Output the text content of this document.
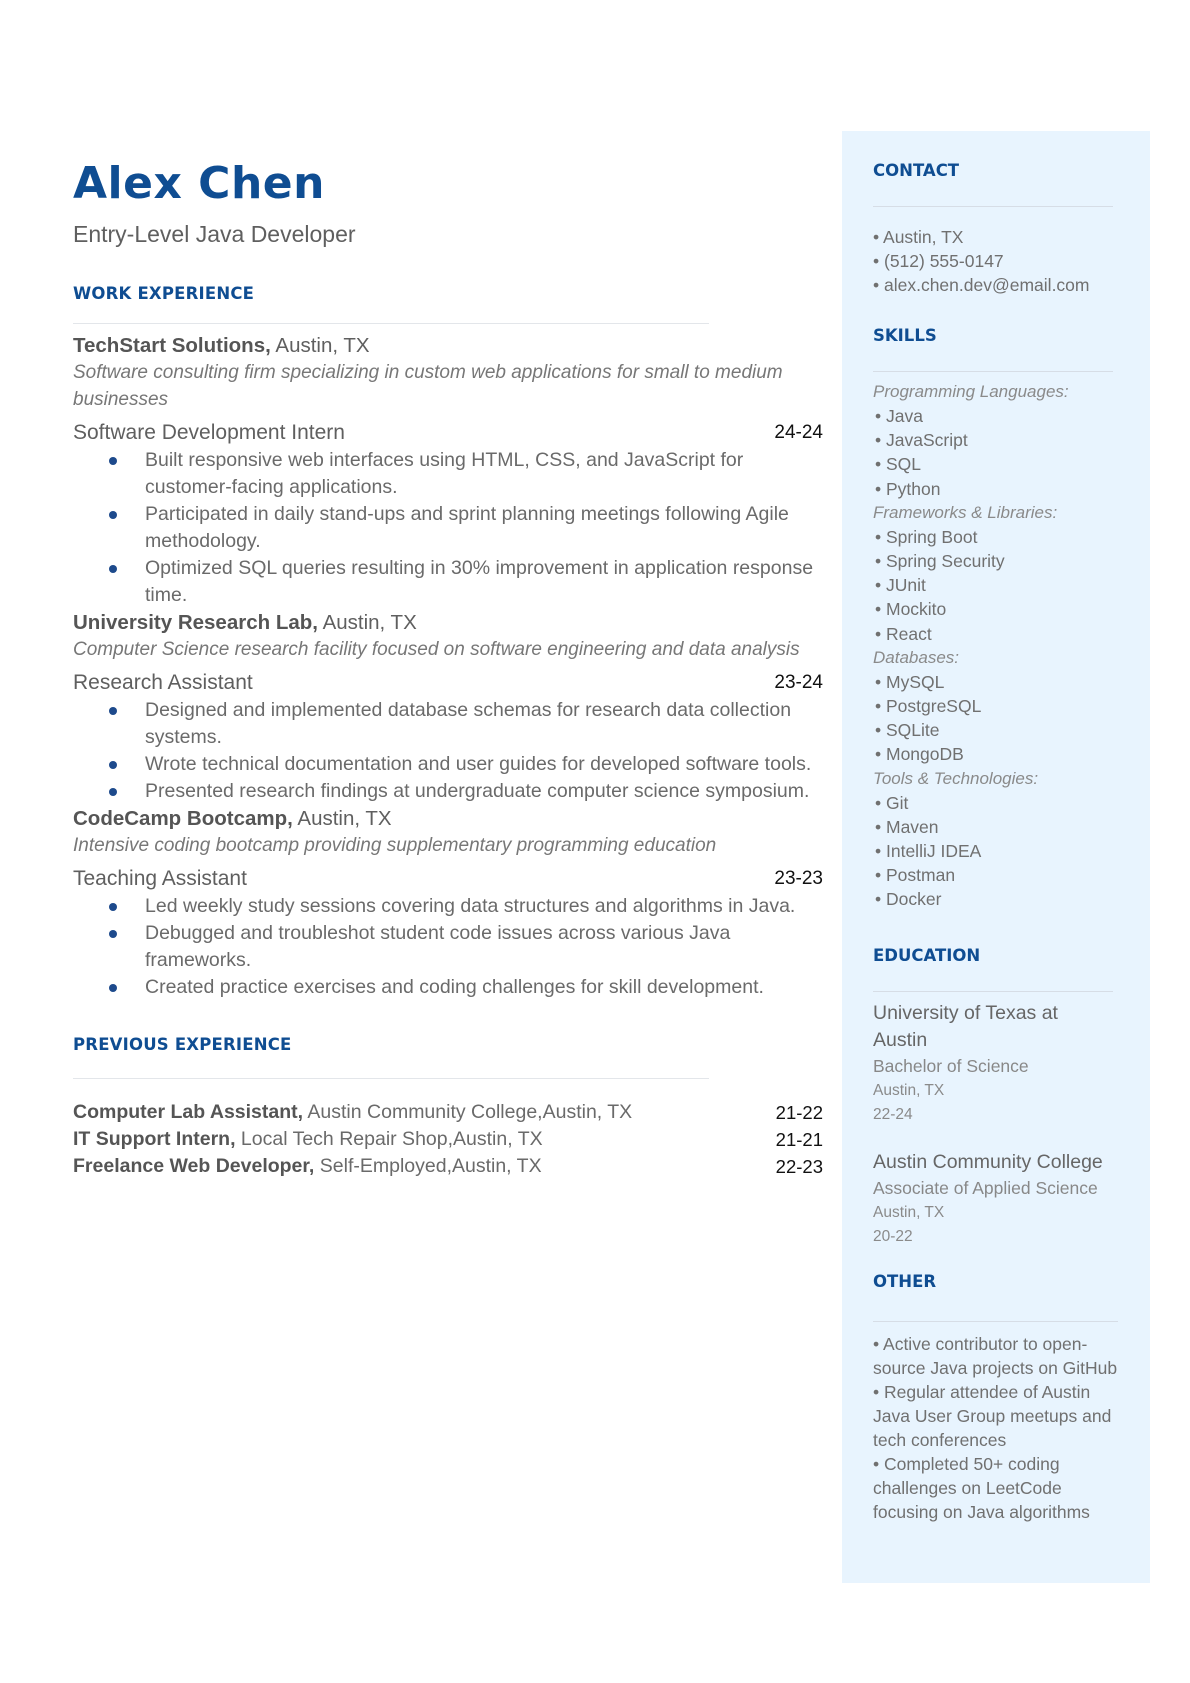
Alex Chen
Entry-Level Java Developer
WORK EXPERIENCE
TechStart Solutions, Austin, TX
Software consulting firm specializing in custom web applications for small to medium businesses
Software Development Intern	24-24
Built responsive web interfaces using HTML, CSS, and JavaScript for customer-facing applications.
Participated in daily stand-ups and sprint planning meetings following Agile methodology.
Optimized SQL queries resulting in 30% improvement in application response time.
University Research Lab, Austin, TX
Computer Science research facility focused on software engineering and data analysis
Research Assistant	23-24
Designed and implemented database schemas for research data collection systems.
Wrote technical documentation and user guides for developed software tools.
Presented research findings at undergraduate computer science symposium.
CodeCamp Bootcamp, Austin, TX
Intensive coding bootcamp providing supplementary programming education
Teaching Assistant	23-23
Led weekly study sessions covering data structures and algorithms in Java.
Debugged and troubleshot student code issues across various Java frameworks.
Created practice exercises and coding challenges for skill development.
PREVIOUS EXPERIENCE
Computer Lab Assistant, Austin Community College,Austin, TX	21-22
IT Support Intern, Local Tech Repair Shop,Austin, TX	21-21
Freelance Web Developer, Self-Employed,Austin, TX	22-23
CONTACT
• Austin, TX
• (512) 555-0147
• alex.chen.dev@email.com
SKILLS
Programming Languages:
• Java
• JavaScript
• SQL
• Python
Frameworks & Libraries:
• Spring Boot
• Spring Security
• JUnit
• Mockito
• React
Databases:
• MySQL
• PostgreSQL
• SQLite
• MongoDB
Tools & Technologies:
• Git
• Maven
• IntelliJ IDEA
• Postman
• Docker
EDUCATION
University of Texas at Austin
Bachelor of Science
Austin, TX
22-24
Austin Community College
Associate of Applied Science
Austin, TX
20-22
OTHER
• Active contributor to open-source Java projects on GitHub
• Regular attendee of Austin Java User Group meetups and tech conferences
• Completed 50+ coding challenges on LeetCode focusing on Java algorithms
